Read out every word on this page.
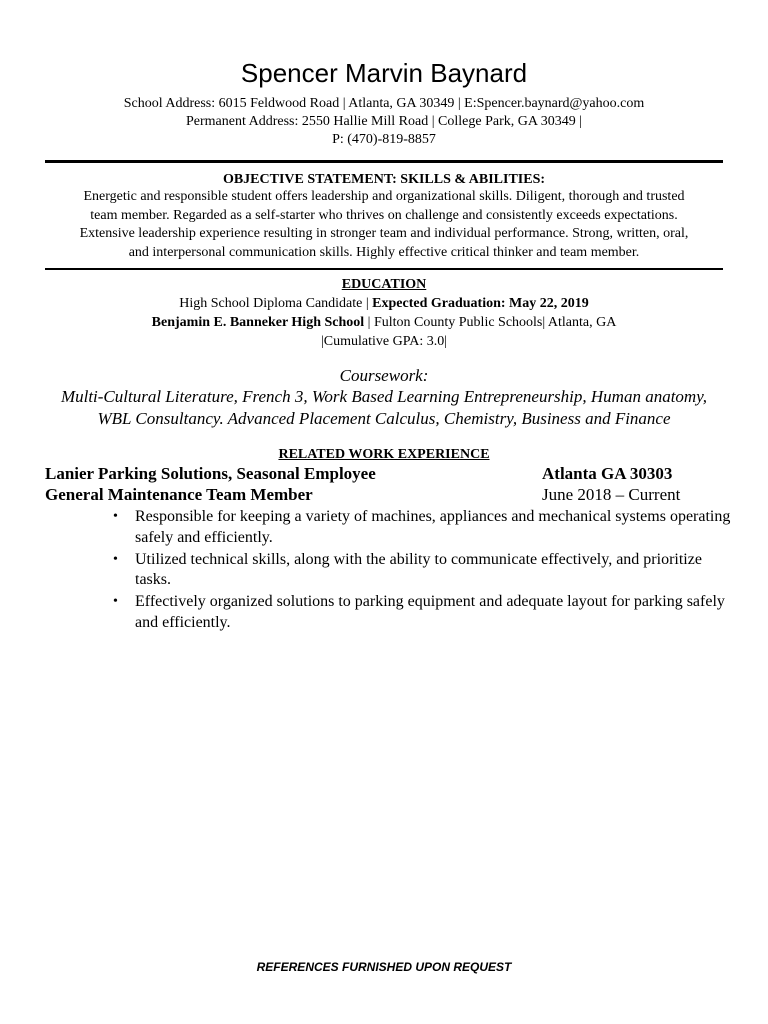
Spencer Marvin Baynard
School Address: 6015 Feldwood Road | Atlanta, GA 30349 | E:Spencer.baynard@yahoo.com
Permanent Address: 2550 Hallie Mill Road | College Park, GA 30349 |
P: (470)-819-8857
OBJECTIVE STATEMENT: SKILLS & ABILITIES:
Energetic and responsible student offers leadership and organizational skills. Diligent, thorough and trusted
team member. Regarded as a self-starter who thrives on challenge and consistently exceeds expectations.
Extensive leadership experience resulting in stronger team and individual performance. Strong, written, oral,
and interpersonal communication skills. Highly effective critical thinker and team member.
EDUCATION
High School Diploma Candidate | Expected Graduation: May 22, 2019
Benjamin E. Banneker High School | Fulton County Public Schools| Atlanta, GA
|Cumulative GPA: 3.0|
Coursework:
Multi-Cultural Literature, French 3, Work Based Learning Entrepreneurship, Human anatomy,
WBL Consultancy. Advanced Placement Calculus, Chemistry, Business and Finance
RELATED WORK EXPERIENCE
Lanier Parking Solutions, Seasonal Employee	Atlanta GA 30303
General Maintenance Team Member	June 2018 – Current
• Responsible for keeping a variety of machines, appliances and mechanical systems operating safely and efficiently.
• Utilized technical skills, along with the ability to communicate effectively, and prioritize tasks.
• Effectively organized solutions to parking equipment and adequate layout for parking safely and efficiently.
REFERENCES FURNISHED UPON REQUEST
